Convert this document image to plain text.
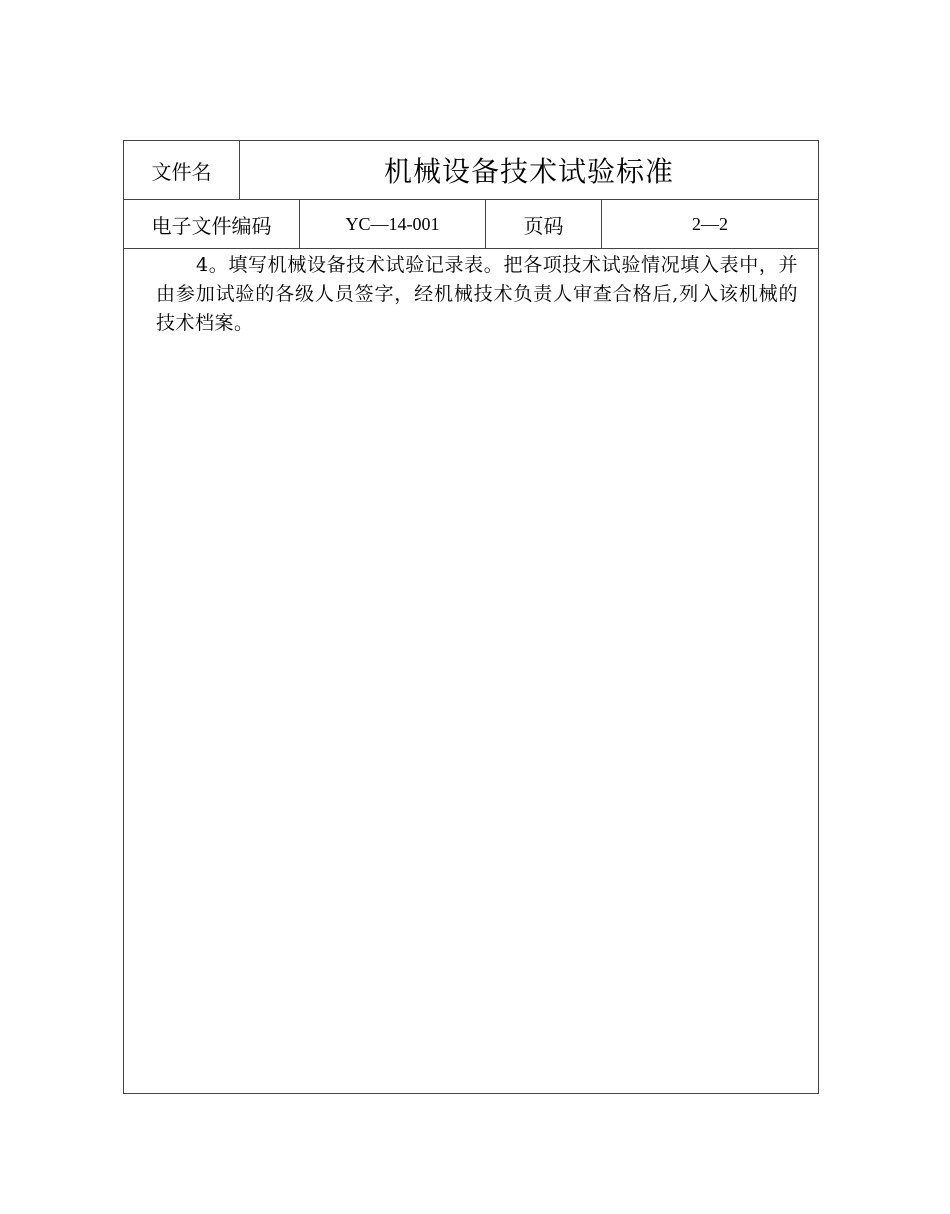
文件名	机械设备技术试验标准
电子文件编码	YC—14-001	页码	2—2
4。填写机械设备技术试验记录表。把各项技术试验情况填入表中，并由参加试验的各级人员签字，经机械技术负责人审查合格后,列入该机械的技术档案。
